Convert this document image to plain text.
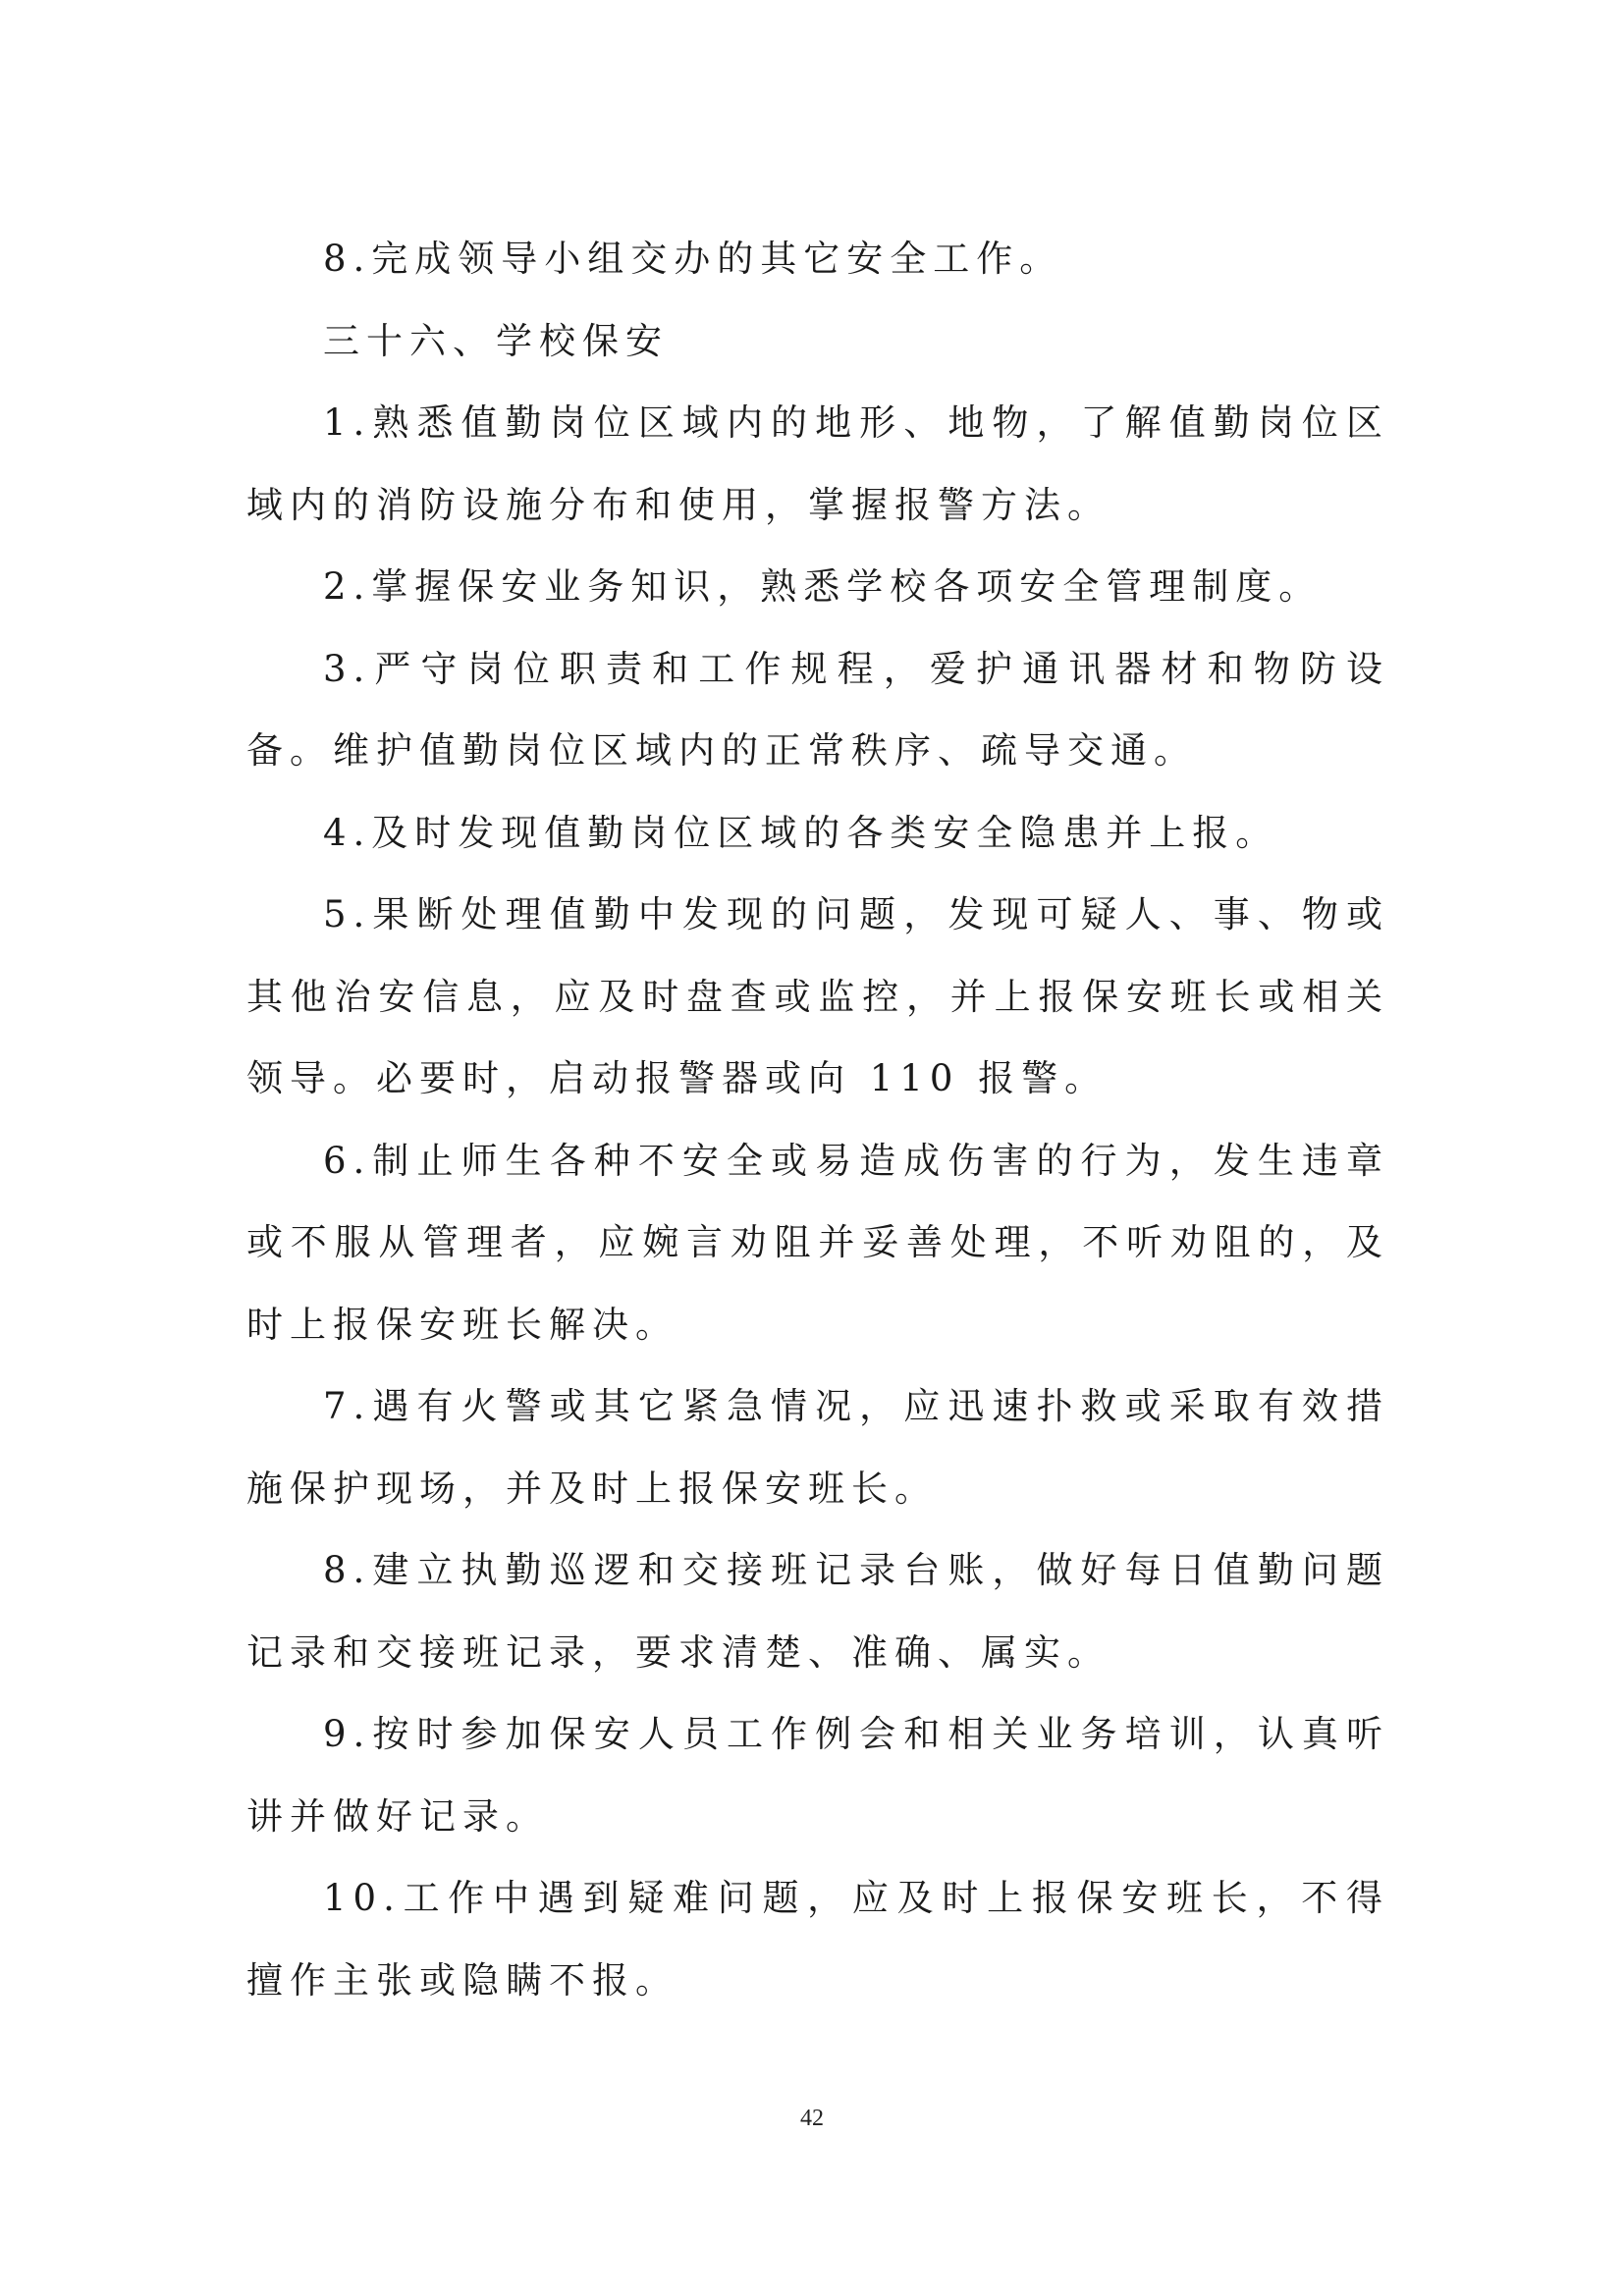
8.完成领导小组交办的其它安全工作。

三十六、学校保安

1.熟悉值勤岗位区域内的地形、地物，了解值勤岗位区域内的消防设施分布和使用，掌握报警方法。

2.掌握保安业务知识，熟悉学校各项安全管理制度。

3.严守岗位职责和工作规程，爱护通讯器材和物防设备。维护值勤岗位区域内的正常秩序、疏导交通。

4.及时发现值勤岗位区域的各类安全隐患并上报。

5.果断处理值勤中发现的问题，发现可疑人、事、物或其他治安信息，应及时盘查或监控，并上报保安班长或相关领导。必要时，启动报警器或向 110 报警。

6.制止师生各种不安全或易造成伤害的行为，发生违章或不服从管理者，应婉言劝阻并妥善处理，不听劝阻的，及时上报保安班长解决。

7.遇有火警或其它紧急情况，应迅速扑救或采取有效措施保护现场，并及时上报保安班长。

8.建立执勤巡逻和交接班记录台账，做好每日值勤问题记录和交接班记录，要求清楚、准确、属实。

9.按时参加保安人员工作例会和相关业务培训，认真听讲并做好记录。

10.工作中遇到疑难问题，应及时上报保安班长，不得擅作主张或隐瞒不报。

42
